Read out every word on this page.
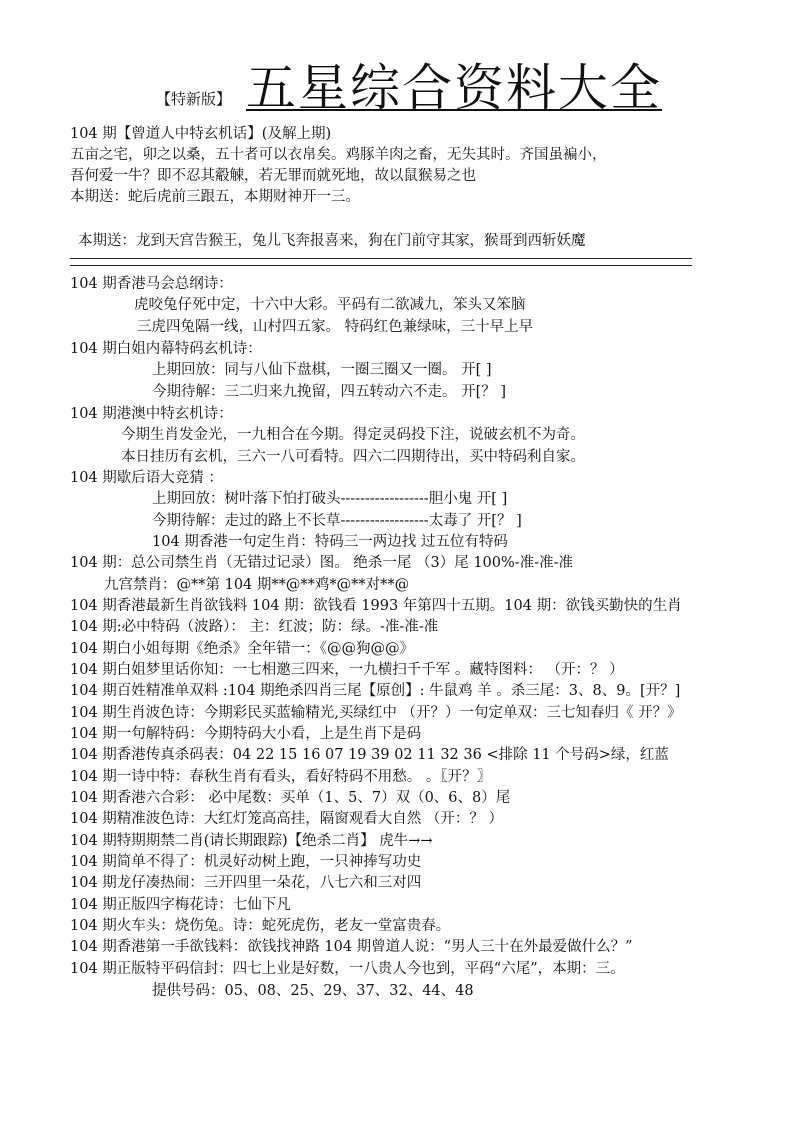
【特新版】 五星综合资料大全
104 期【曾道人中特玄机话】(及解上期)
五亩之宅，卯之以桑，五十者可以衣帛矣。鸡豚羊肉之畜，无失其时。齐国虽褊小，
吾何爱一牛？即不忍其觳觫，若无罪而就死地，故以鼠猴易之也
本期送：蛇后虎前三跟五，本期财神开一三。
本期送：龙到天宫告猴王，兔儿飞奔报喜来，狗在门前守其家，猴哥到西斩妖魔
104 期香港马会总纲诗：
虎咬兔仔死中定，十六中大彩。平码有二欲减九，笨头又笨脑
三虎四兔隔一线，山村四五家。 特码红色兼绿味，三十早上早
104 期白姐内幕特码玄机诗：
上期回放：同与八仙下盘棋，一圈三圈又一圈。 开[ ]
今期待解：三二归来九挽留，四五转动六不走。 开[？ ]
104 期港澳中特玄机诗：
今期生肖发金光，一九相合在今期。得定灵码投下注，说破玄机不为奇。
本日挂历有玄机，三六一八可看特。四六二四期待出，买中特码利自家。
104 期歇后语大竞猜 ：
上期回放：树叶落下怕打破头------------------胆小鬼 开[ ]
今期待解：走过的路上不长草------------------太毒了 开[？ ]
104 期香港一句定生肖：特码三一两边找 过五位有特码
104 期：总公司禁生肖（无错过记录）图。 绝杀一尾 （3）尾 100%-准-准-准
九宫禁肖：@**第 104 期**@**鸡*@**对**@
104 期香港最新生肖欲钱料 104 期：欲钱看 1993 年第四十五期。104 期：欲钱买勤快的生肖
104 期:必中特码（波路）： 主：红波；防：绿。-准-准-准
104 期白小姐每期《绝杀》全年错一：《@@狗@@》
104 期白姐梦里话你知：一七相邀三四来，一九横扫千千军 。藏特图料： （开：？ ）
104 期百姓精准单双料 :104 期绝杀四肖三尾【原创】: 牛鼠鸡 羊 。杀三尾：3、8、9。[开？]
104 期生肖波色诗：今期彩民买蓝输精光,买绿红中 （开？）一句定单双：三七知春归《 开？》
104 期一句解特码：今期特码大小看，上是生肖下是码
104 期香港传真杀码表：04 22 15 16 07 19 39 02 11 32 36 <排除 11 个号码>绿，红蓝
104 期一诗中特：春秋生肖有看头，看好特码不用愁。 。〖开？〗
104 期香港六合彩： 必中尾数：买单（1、5、7）双（0、6、8）尾
104 期精准波色诗：大红灯笼高高挂，隔窗观看大自然 （开：？ ）
104 期特期期禁二肖(请长期跟踪)【绝杀二肖】 虎牛→→
104 期简单不得了：机灵好动树上跑，一只神捧写功史
104 期龙仔凑热闹：三开四里一朵花，八七六和三对四
104 期正版四字梅花诗：七仙下凡
104 期火车头：烧伤兔。诗：蛇死虎伤，老友一堂富贵春。
104 期香港第一手欲钱料：欲钱找神路 104 期曾道人说：“男人三十在外最爱做什么？”
104 期正版特平码信封：四七上业是好数，一八贵人今也到，平码“六尾”，本期：三。
提供号码：05、08、25、29、37、32、44、48
